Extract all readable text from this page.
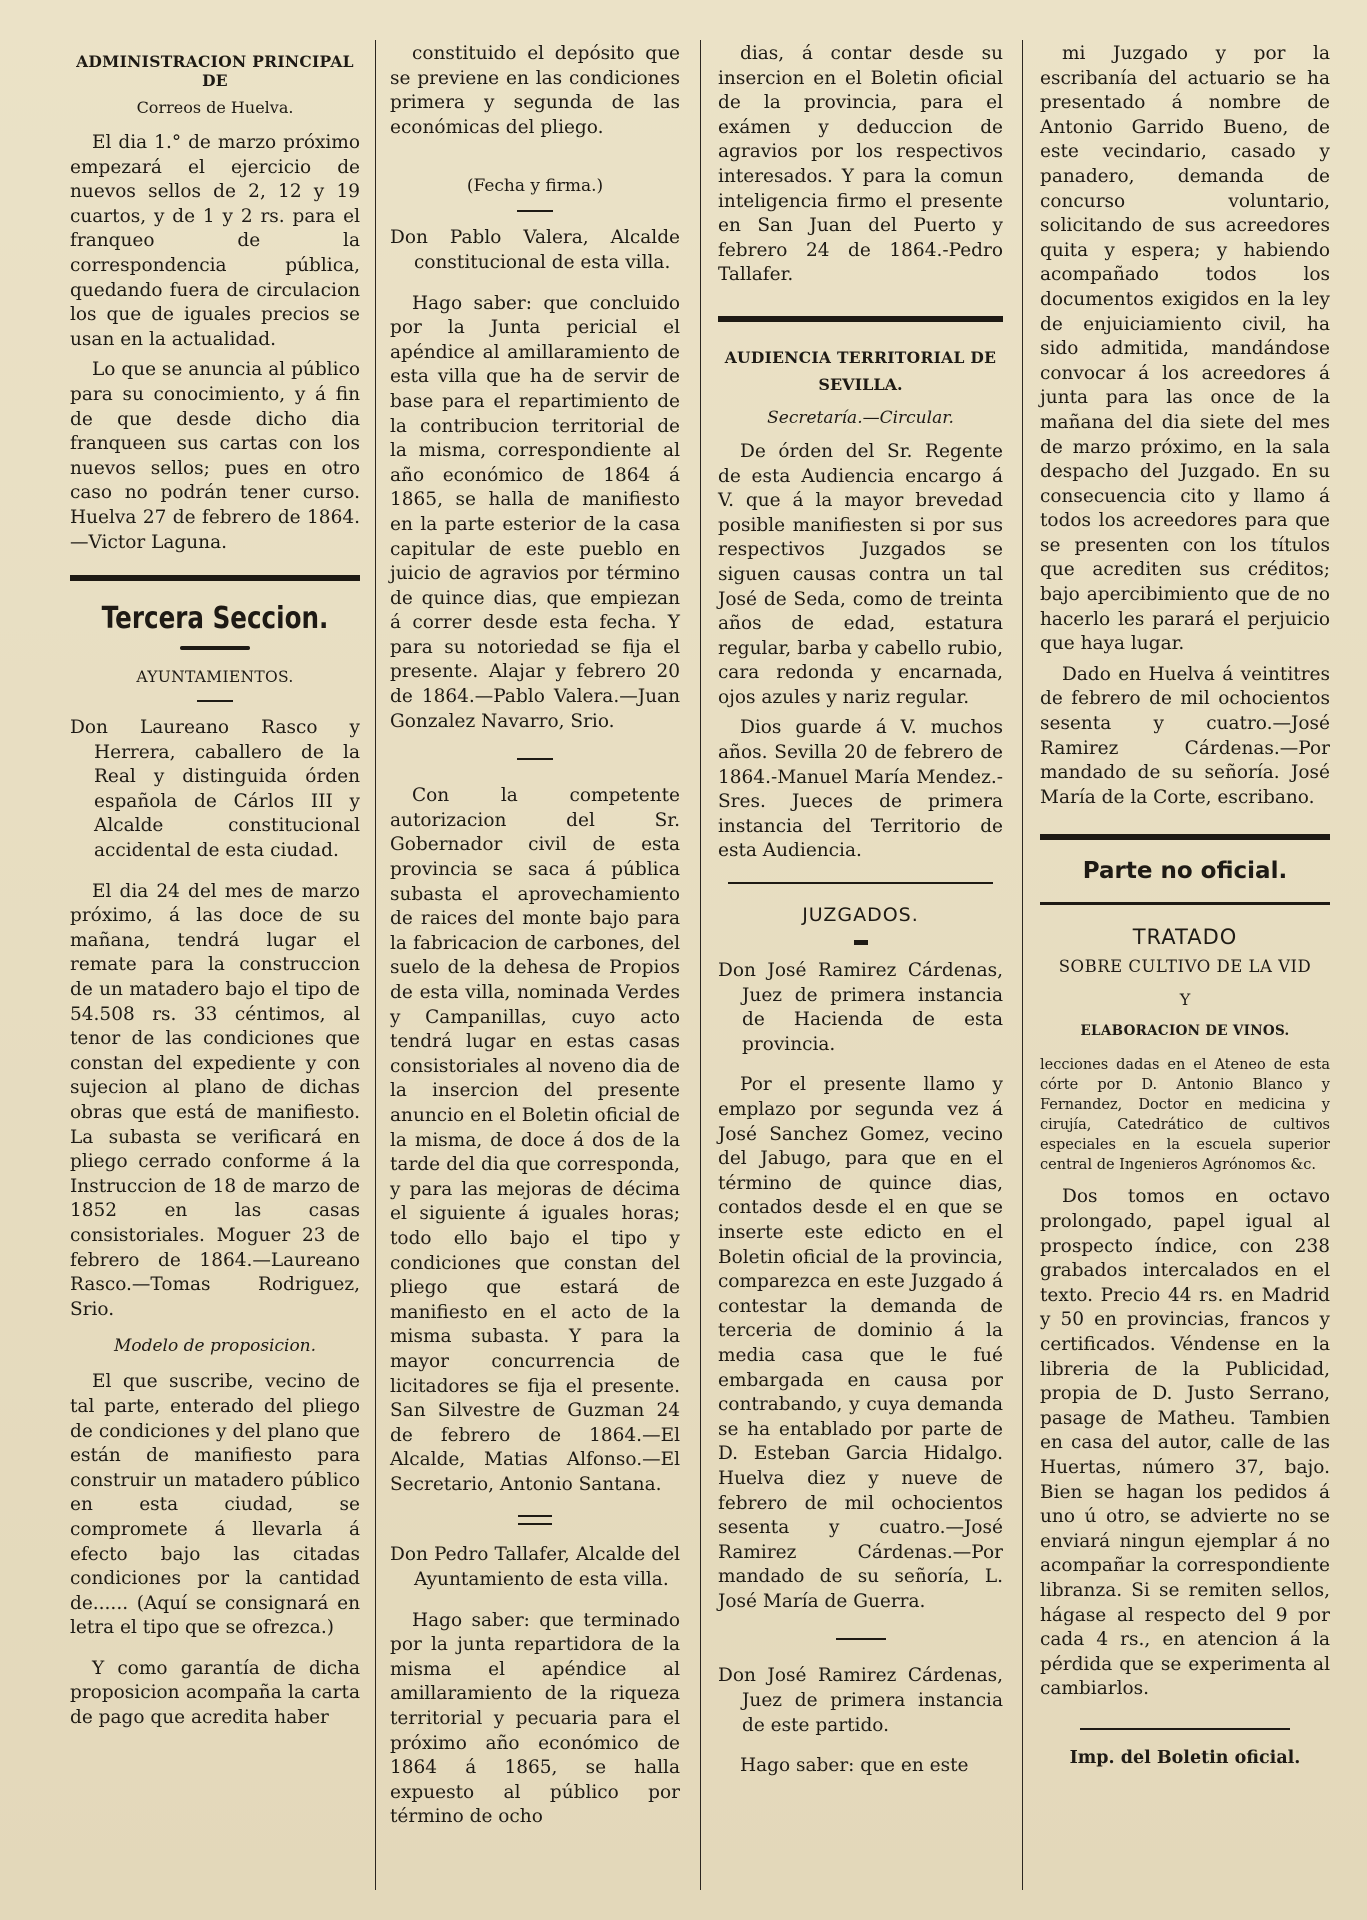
ADMINISTRACION PRINCIPAL DE
Correos de Huelva.

El dia 1.° de marzo próximo empezará el ejercicio de nuevos sellos de 2, 12 y 19 cuartos, y de 1 y 2 rs. para el franqueo de la correspondencia pública, quedando fuera de circulacion los que de iguales precios se usan en la actualidad.

Lo que se anuncia al público para su conocimiento, y á fin de que desde dicho dia franqueen sus cartas con los nuevos sellos; pues en otro caso no podrán tener curso. Huelva 27 de febrero de 1864. —Victor Laguna.

Tercera Seccion.
AYUNTAMIENTOS.

Don Laureano Rasco y Herrera, caballero de la Real y distinguida órden española de Cárlos III y Alcalde constitucional accidental de esta ciudad.

El dia 24 del mes de marzo próximo, á las doce de su mañana, tendrá lugar el remate para la construccion de un matadero bajo el tipo de 54.508 rs. 33 céntimos, al tenor de las condiciones que constan del expediente y con sujecion al plano de dichas obras que está de manifiesto. La subasta se verificará en pliego cerrado conforme á la Instruccion de 18 de marzo de 1852 en las casas consistoriales. Moguer 23 de febrero de 1864.—Laureano Rasco.—Tomas Rodriguez, Srio.

Modelo de proposicion.

El que suscribe, vecino de tal parte, enterado del pliego de condiciones y del plano que están de manifiesto para construir un matadero público en esta ciudad, se compromete á llevarla á efecto bajo las citadas condiciones por la cantidad de...... (Aquí se consignará en letra el tipo que se ofrezca.)

Y como garantía de dicha proposicion acompaña la carta de pago que acredita haber

constituido el depósito que se previene en las condiciones primera y segunda de las económicas del pliego.

(Fecha y firma.)

Don Pablo Valera, Alcalde constitucional de esta villa.

Hago saber: que concluido por la Junta pericial el apéndice al amillaramiento de esta villa que ha de servir de base para el repartimiento de la contribucion territorial de la misma, correspondiente al año económico de 1864 á 1865, se halla de manifiesto en la parte esterior de la casa capitular de este pueblo en juicio de agravios por término de quince dias, que empiezan á correr desde esta fecha. Y para su notoriedad se fija el presente. Alajar y febrero 20 de 1864.—Pablo Valera.—Juan Gonzalez Navarro, Srio.

Con la competente autorizacion del Sr. Gobernador civil de esta provincia se saca á pública subasta el aprovechamiento de raices del monte bajo para la fabricacion de carbones, del suelo de la dehesa de Propios de esta villa, nominada Verdes y Campanillas, cuyo acto tendrá lugar en estas casas consistoriales al noveno dia de la insercion del presente anuncio en el Boletin oficial de la misma, de doce á dos de la tarde del dia que corresponda, y para las mejoras de décima el siguiente á iguales horas; todo ello bajo el tipo y condiciones que constan del pliego que estará de manifiesto en el acto de la misma subasta. Y para la mayor concurrencia de licitadores se fija el presente. San Silvestre de Guzman 24 de febrero de 1864.—El Alcalde, Matias Alfonso.—El Secretario, Antonio Santana.

Don Pedro Tallafer, Alcalde del Ayuntamiento de esta villa.

Hago saber: que terminado por la junta repartidora de la misma el apéndice al amillaramiento de la riqueza territorial y pecuaria para el próximo año económico de 1864 á 1865, se halla expuesto al público por término de ocho

dias, á contar desde su insercion en el Boletin oficial de la provincia, para el exámen y deduccion de agravios por los respectivos interesados. Y para la comun inteligencia firmo el presente en San Juan del Puerto y febrero 24 de 1864.-Pedro Tallafer.

AUDIENCIA TERRITORIAL DE
SEVILLA.
Secretaría.—Circular.

De órden del Sr. Regente de esta Audiencia encargo á V. que á la mayor brevedad posible manifiesten si por sus respectivos Juzgados se siguen causas contra un tal José de Seda, como de treinta años de edad, estatura regular, barba y cabello rubio, cara redonda y encarnada, ojos azules y nariz regular.

Dios guarde á V. muchos años. Sevilla 20 de febrero de 1864.-Manuel María Mendez.-Sres. Jueces de primera instancia del Territorio de esta Audiencia.

JUZGADOS.

Don José Ramirez Cárdenas, Juez de primera instancia de Hacienda de esta provincia.

Por el presente llamo y emplazo por segunda vez á José Sanchez Gomez, vecino del Jabugo, para que en el término de quince dias, contados desde el en que se inserte este edicto en el Boletin oficial de la provincia, comparezca en este Juzgado á contestar la demanda de terceria de dominio á la media casa que le fué embargada en causa por contrabando, y cuya demanda se ha entablado por parte de D. Esteban Garcia Hidalgo. Huelva diez y nueve de febrero de mil ochocientos sesenta y cuatro.—José Ramirez Cárdenas.—Por mandado de su señoría, L. José María de Guerra.

Don José Ramirez Cárdenas, Juez de primera instancia de este partido.

Hago saber: que en este

mi Juzgado y por la escribanía del actuario se ha presentado á nombre de Antonio Garrido Bueno, de este vecindario, casado y panadero, demanda de concurso voluntario, solicitando de sus acreedores quita y espera; y habiendo acompañado todos los documentos exigidos en la ley de enjuiciamiento civil, ha sido admitida, mandándose convocar á los acreedores á junta para las once de la mañana del dia siete del mes de marzo próximo, en la sala despacho del Juzgado. En su consecuencia cito y llamo á todos los acreedores para que se presenten con los títulos que acrediten sus créditos; bajo apercibimiento que de no hacerlo les parará el perjuicio que haya lugar.

Dado en Huelva á veintitres de febrero de mil ochocientos sesenta y cuatro.—José Ramirez Cárdenas.—Por mandado de su señoría. José María de la Corte, escribano.

Parte no oficial.
TRATADO
SOBRE CULTIVO DE LA VID
Y
ELABORACION DE VINOS.

lecciones dadas en el Ateneo de esta córte por D. Antonio Blanco y Fernandez, Doctor en medicina y cirujía, Catedrático de cultivos especiales en la escuela superior central de Ingenieros Agrónomos &c.

Dos tomos en octavo prolongado, papel igual al prospecto índice, con 238 grabados intercalados en el texto. Precio 44 rs. en Madrid y 50 en provincias, francos y certificados. Véndense en la libreria de la Publicidad, propia de D. Justo Serrano, pasage de Matheu. Tambien en casa del autor, calle de las Huertas, número 37, bajo. Bien se hagan los pedidos á uno ú otro, se advierte no se enviará ningun ejemplar á no acompañar la correspondiente libranza. Si se remiten sellos, hágase al respecto del 9 por cada 4 rs., en atencion á la pérdida que se experimenta al cambiarlos.

Imp. del Boletin oficial.
